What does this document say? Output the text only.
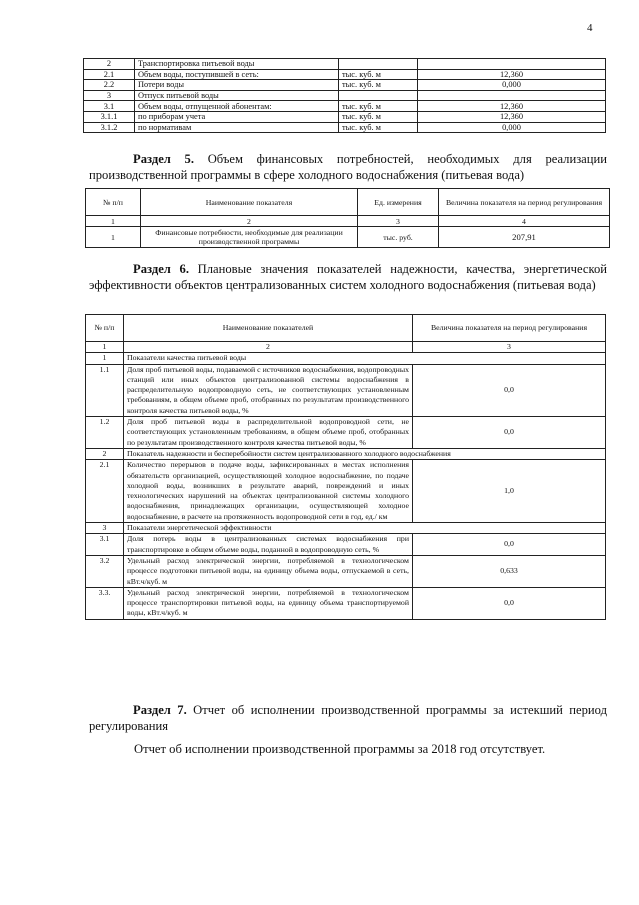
4
2	Транспортировка питьевой воды		
2.1	Объем воды, поступившей в сеть:	тыс. куб. м	12,360
2.2	Потери воды	тыс. куб. м	0,000
3	Отпуск питьевой воды		
3.1	Объем воды, отпущенной абонентам:	тыс. куб. м	12,360
3.1.1	по приборам учета	тыс. куб. м	12,360
3.1.2	по нормативам	тыс. куб. м	0,000

Раздел 5. Объем финансовых потребностей, необходимых для реализации производственной программы в сфере холодного водоснабжения (питьевая вода)

№ п/п	Наименование показателя	Ед. измерения	Величина показателя на период регулирования
1	2	3	4
1	Финансовые потребности, необходимые для реализации производственной программы	тыс. руб.	207,91

Раздел 6. Плановые значения показателей надежности, качества, энергетической эффективности объектов централизованных систем холодного водоснабжения (питьевая вода)

№ п/п	Наименование показателей	Величина показателя на период регулирования
1	2	3
1	Показатели качества питьевой воды	
1.1	Доля проб питьевой воды, подаваемой с источников водоснабжения, водопроводных станций или иных объектов централизованной системы водоснабжения в распределительную водопроводную сеть, не соответствующих установленным требованиям, в общем объеме проб, отобранных по результатам производственного контроля качества питьевой воды, %	0,0
1.2	Доля проб питьевой воды в распределительной водопроводной сети, не соответствующих установленным требованиям, в общем объеме проб, отобранных по результатам производственного контроля качества питьевой воды, %	0,0
2	Показатель надежности и бесперебойности систем централизованного холодного водоснабжения	
2.1	Количество перерывов в подаче воды, зафиксированных в местах исполнения обязательств организацией, осуществляющей холодное водоснабжение, по подаче холодной воды, возникших в результате аварий, повреждений и иных технологических нарушений на объектах централизованной системы холодного водоснабжения, принадлежащих организации, осуществляющей холодное водоснабжение, в расчете на протяженность водопроводной сети в год, ед./ км	1,0
3	Показатели энергетической эффективности	
3.1	Доля потерь воды в централизованных системах водоснабжения при транспортировке в общем объеме воды, поданной в водопроводную сеть, %	0,0
3.2	Удельный расход электрической энергии, потребляемой в технологическом процессе подготовки питьевой воды, на единицу объема воды, отпускаемой в сеть, кВт.ч/куб. м	0,633
3.3.	Удельный расход электрической энергии, потребляемой в технологическом процессе транспортировки питьевой воды, на единицу объема транспортируемой воды, кВт.ч/куб. м	0,0

Раздел 7. Отчет об исполнении производственной программы за истекший период регулирования

Отчет об исполнении производственной программы за 2018 год отсутствует.
